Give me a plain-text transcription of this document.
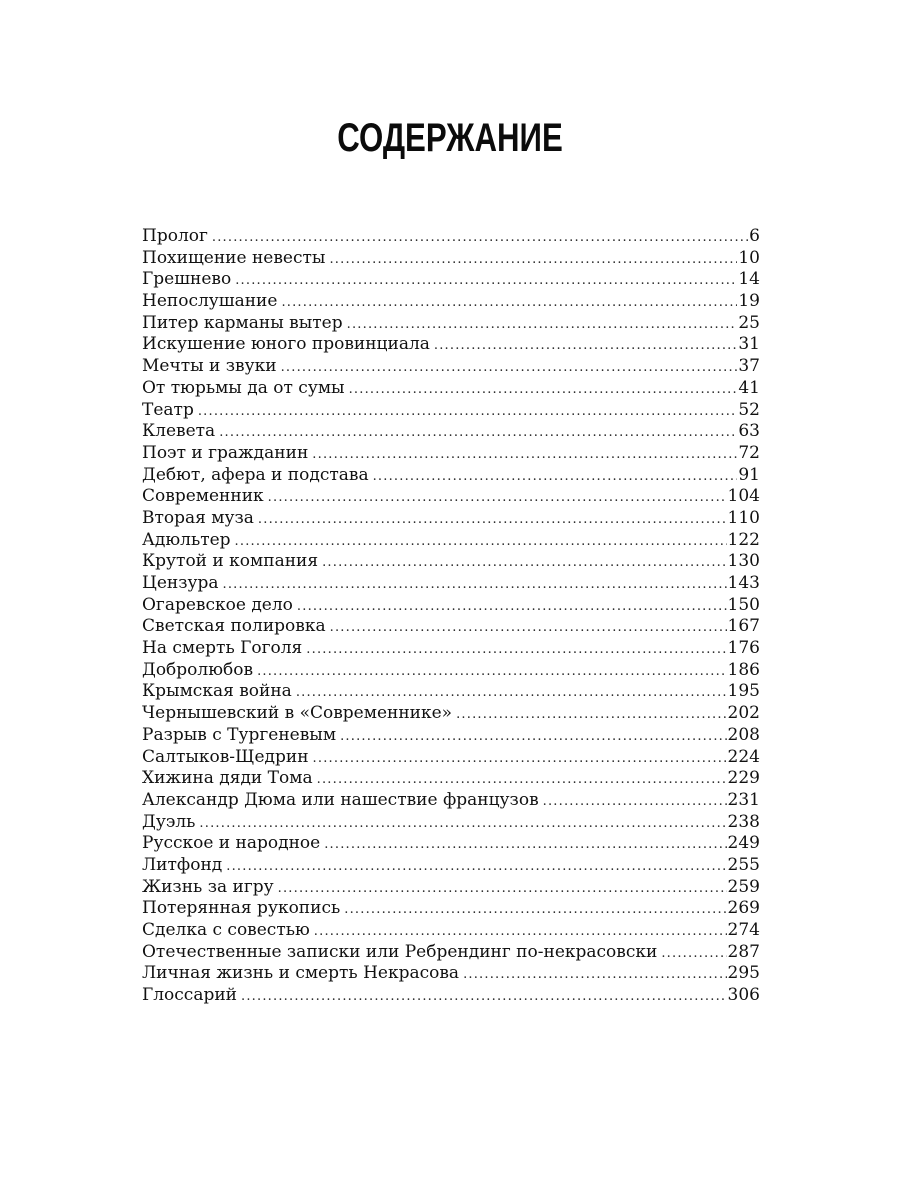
СОДЕРЖАНИЕ
Пролог .....	6
Похищение невесты .....	10
Грешнево .....	14
Непослушание .....	19
Питер карманы вытер .....	25
Искушение юного провинциала .....	31
Мечты и звуки .....	37
От тюрьмы да от сумы .....	41
Театр .....	52
Клевета .....	63
Поэт и гражданин .....	72
Дебют, афера и подстава .....	91
Современник .....	104
Вторая муза .....	110
Адюльтер .....	122
Крутой и компания .....	130
Цензура .....	143
Огаревское дело .....	150
Светская полировка .....	167
На смерть Гоголя .....	176
Добролюбов .....	186
Крымская война .....	195
Чернышевский в «Современнике» .....	202
Разрыв с Тургеневым .....	208
Салтыков-Щедрин .....	224
Хижина дяди Тома .....	229
Александр Дюма или нашествие французов .....	231
Дуэль .....	238
Русское и народное .....	249
Литфонд .....	255
Жизнь за игру .....	259
Потерянная рукопись .....	269
Сделка с совестью .....	274
Отечественные записки или Ребрендинг по-некрасовски .....	287
Личная жизнь и смерть Некрасова .....	295
Глоссарий .....	306
